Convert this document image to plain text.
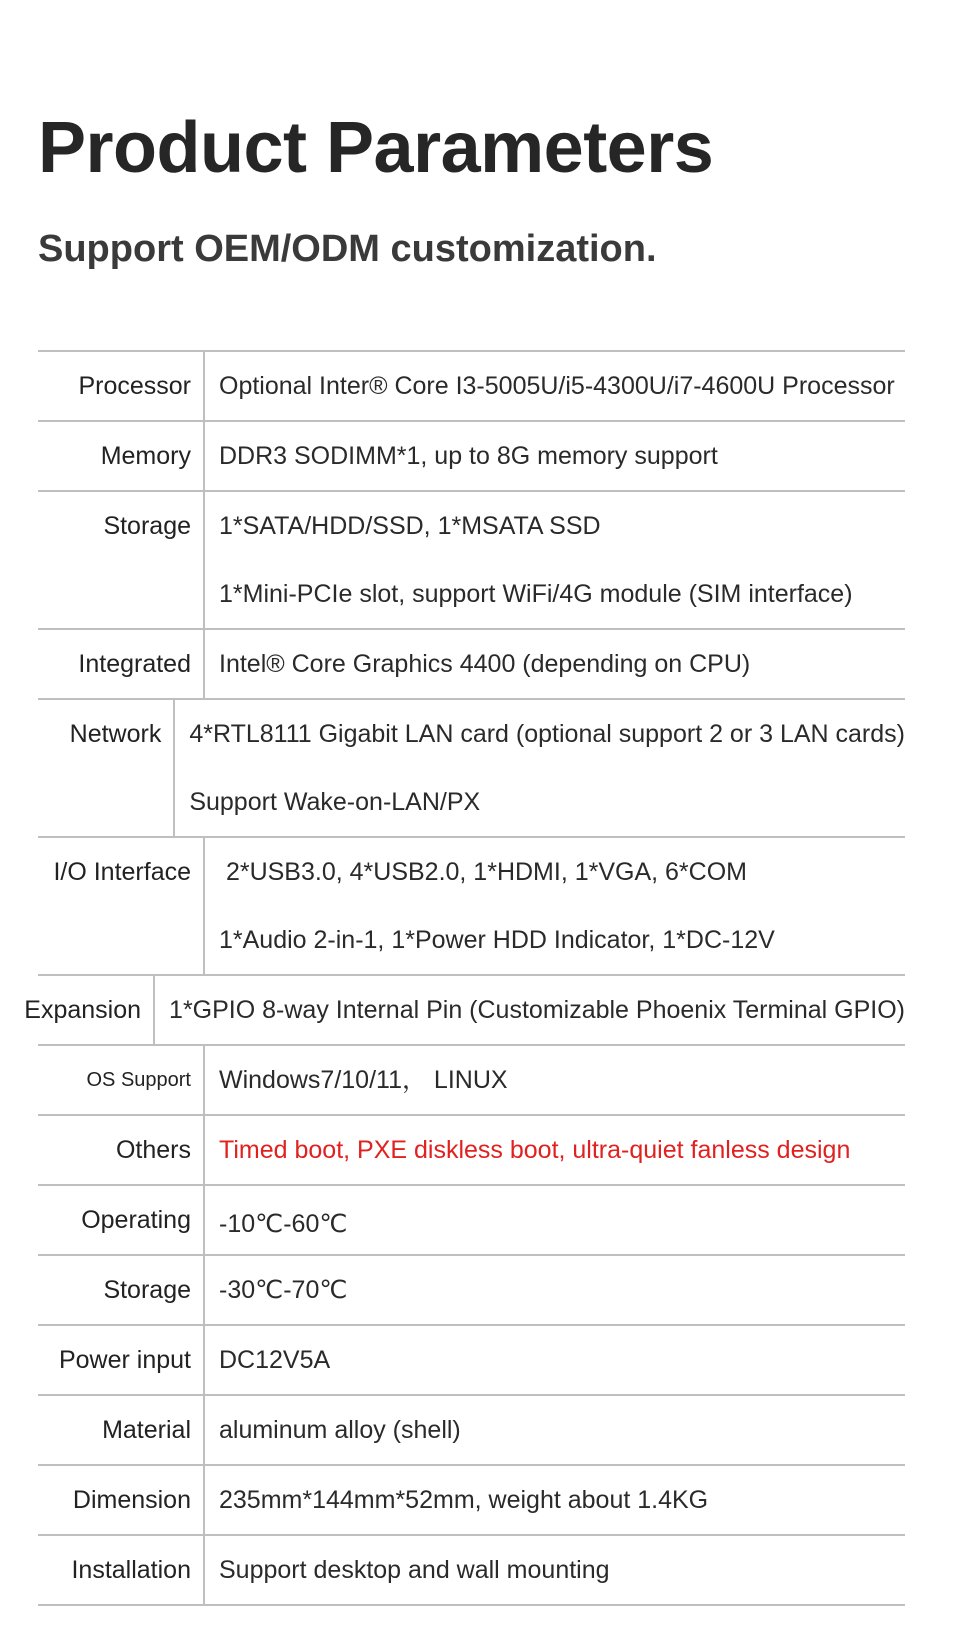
Product Parameters
Support OEM/ODM customization.
Processor Optional Inter® Core I3-5005U/i5-4300U/i7-4600U Processor
Memory DDR3 SODIMM*1, up to 8G memory support
Storage 1*SATA/HDD/SSD, 1*MSATA SSD
1*Mini-PCIe slot, support WiFi/4G module (SIM interface)
Integrated Intel® Core Graphics 4400 (depending on CPU)
Network 4*RTL8111 Gigabit LAN card (optional support 2 or 3 LAN cards)
Support Wake-on-LAN/PX
I/O Interface 2*USB3.0, 4*USB2.0, 1*HDMI, 1*VGA, 6*COM
1*Audio 2-in-1, 1*Power HDD Indicator, 1*DC-12V
Expansion 1*GPIO 8-way Internal Pin (Customizable Phoenix Terminal GPIO)
OS Support Windows7/10/11， LINUX
Others Timed boot, PXE diskless boot, ultra-quiet fanless design
Operating -10℃-60℃
Storage -30℃-70℃
Power input DC12V5A
Material aluminum alloy (shell)
Dimension 235mm*144mm*52mm, weight about 1.4KG
Installation Support desktop and wall mounting
